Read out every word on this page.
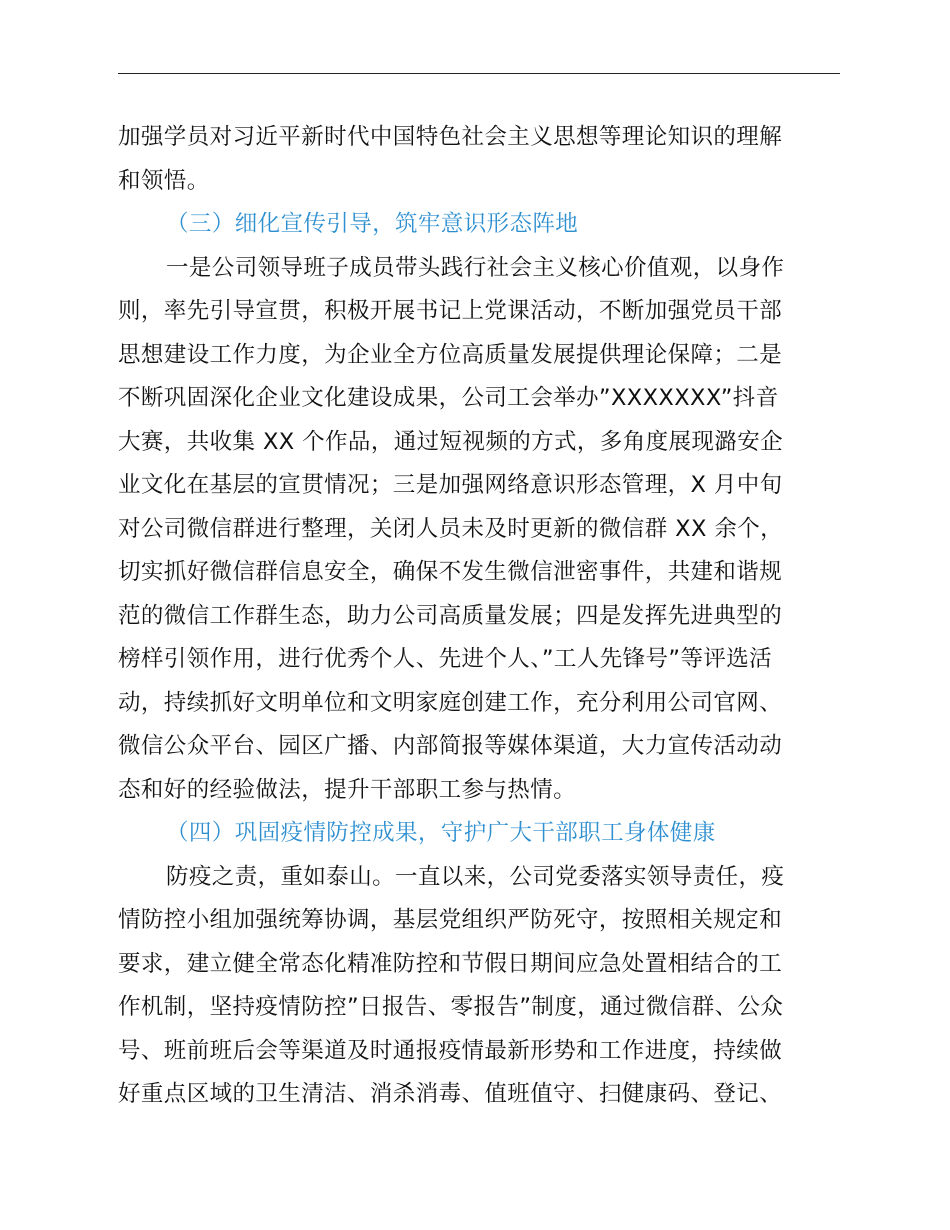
加强学员对习近平新时代中国特色社会主义思想等理论知识的理解
和领悟。
（三）细化宣传引导，筑牢意识形态阵地
一是公司领导班子成员带头践行社会主义核心价值观，以身作
则，率先引导宣贯，积极开展书记上党课活动，不断加强党员干部
思想建设工作力度，为企业全方位高质量发展提供理论保障；二是
不断巩固深化企业文化建设成果，公司工会举办”XXXXXXX”抖音
大赛，共收集 XX 个作品，通过短视频的方式，多角度展现潞安企
业文化在基层的宣贯情况；三是加强网络意识形态管理，X 月中旬
对公司微信群进行整理，关闭人员未及时更新的微信群 XX 余个，
切实抓好微信群信息安全，确保不发生微信泄密事件，共建和谐规
范的微信工作群生态，助力公司高质量发展；四是发挥先进典型的
榜样引领作用，进行优秀个人、先进个人、”工人先锋号”等评选活
动，持续抓好文明单位和文明家庭创建工作，充分利用公司官网、
微信公众平台、园区广播、内部简报等媒体渠道，大力宣传活动动
态和好的经验做法，提升干部职工参与热情。
（四）巩固疫情防控成果，守护广大干部职工身体健康
防疫之责，重如泰山。一直以来，公司党委落实领导责任，疫
情防控小组加强统筹协调，基层党组织严防死守，按照相关规定和
要求，建立健全常态化精准防控和节假日期间应急处置相结合的工
作机制，坚持疫情防控”日报告、零报告”制度，通过微信群、公众
号、班前班后会等渠道及时通报疫情最新形势和工作进度，持续做
好重点区域的卫生清洁、消杀消毒、值班值守、扫健康码、登记、
